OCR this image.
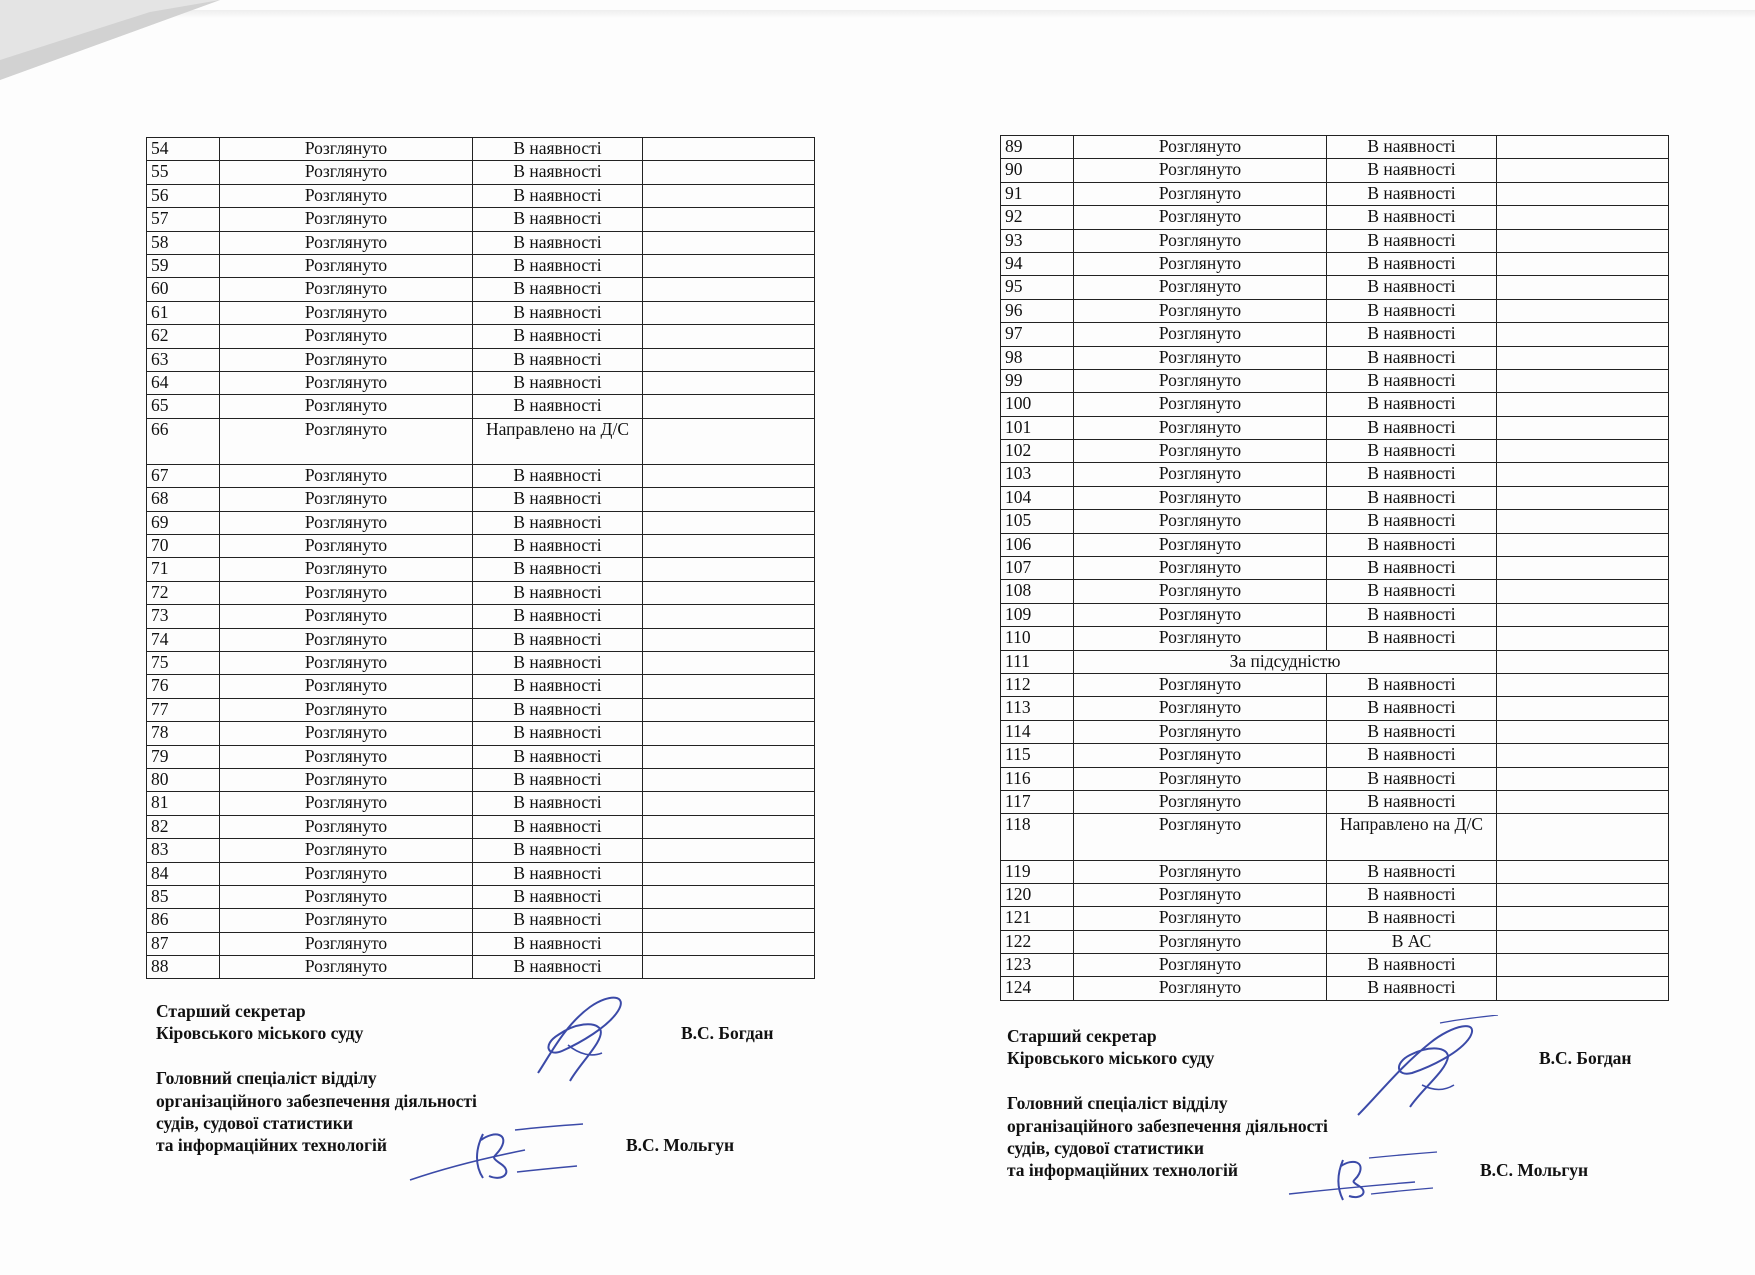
54	Розглянуто	В наявності	
55	Розглянуто	В наявності	
56	Розглянуто	В наявності	
57	Розглянуто	В наявності	
58	Розглянуто	В наявності	
59	Розглянуто	В наявності	
60	Розглянуто	В наявності	
61	Розглянуто	В наявності	
62	Розглянуто	В наявності	
63	Розглянуто	В наявності	
64	Розглянуто	В наявності	
65	Розглянуто	В наявності	
66	Розглянуто	Направлено на Д/С	
67	Розглянуто	В наявності	
68	Розглянуто	В наявності	
69	Розглянуто	В наявності	
70	Розглянуто	В наявності	
71	Розглянуто	В наявності	
72	Розглянуто	В наявності	
73	Розглянуто	В наявності	
74	Розглянуто	В наявності	
75	Розглянуто	В наявності	
76	Розглянуто	В наявності	
77	Розглянуто	В наявності	
78	Розглянуто	В наявності	
79	Розглянуто	В наявності	
80	Розглянуто	В наявності	
81	Розглянуто	В наявності	
82	Розглянуто	В наявності	
83	Розглянуто	В наявності	
84	Розглянуто	В наявності	
85	Розглянуто	В наявності	
86	Розглянуто	В наявності	
87	Розглянуто	В наявності	
88	Розглянуто	В наявності	
89	Розглянуто	В наявності	
90	Розглянуто	В наявності	
91	Розглянуто	В наявності	
92	Розглянуто	В наявності	
93	Розглянуто	В наявності	
94	Розглянуто	В наявності	
95	Розглянуто	В наявності	
96	Розглянуто	В наявності	
97	Розглянуто	В наявності	
98	Розглянуто	В наявності	
99	Розглянуто	В наявності	
100	Розглянуто	В наявності	
101	Розглянуто	В наявності	
102	Розглянуто	В наявності	
103	Розглянуто	В наявності	
104	Розглянуто	В наявності	
105	Розглянуто	В наявності	
106	Розглянуто	В наявності	
107	Розглянуто	В наявності	
108	Розглянуто	В наявності	
109	Розглянуто	В наявності	
110	Розглянуто	В наявності	
111	За підсудністю		
112	Розглянуто	В наявності	
113	Розглянуто	В наявності	
114	Розглянуто	В наявності	
115	Розглянуто	В наявності	
116	Розглянуто	В наявності	
117	Розглянуто	В наявності	
118	Розглянуто	Направлено на Д/С	
119	Розглянуто	В наявності	
120	Розглянуто	В наявності	
121	Розглянуто	В наявності	
122	Розглянуто	В АС	
123	Розглянуто	В наявності	
124	Розглянуто	В наявності	
Старший секретар
Кіровського міського суду	В.С. Богдан
Головний спеціаліст відділу
організаційного забезпечення діяльності
судів, судової статистики
та інформаційних технологій	В.С. Мольгун
Старший секретар
Кіровського міського суду	В.С. Богдан
Головний спеціаліст відділу
організаційного забезпечення діяльності
судів, судової статистики
та інформаційних технологій	В.С. Мольгун
